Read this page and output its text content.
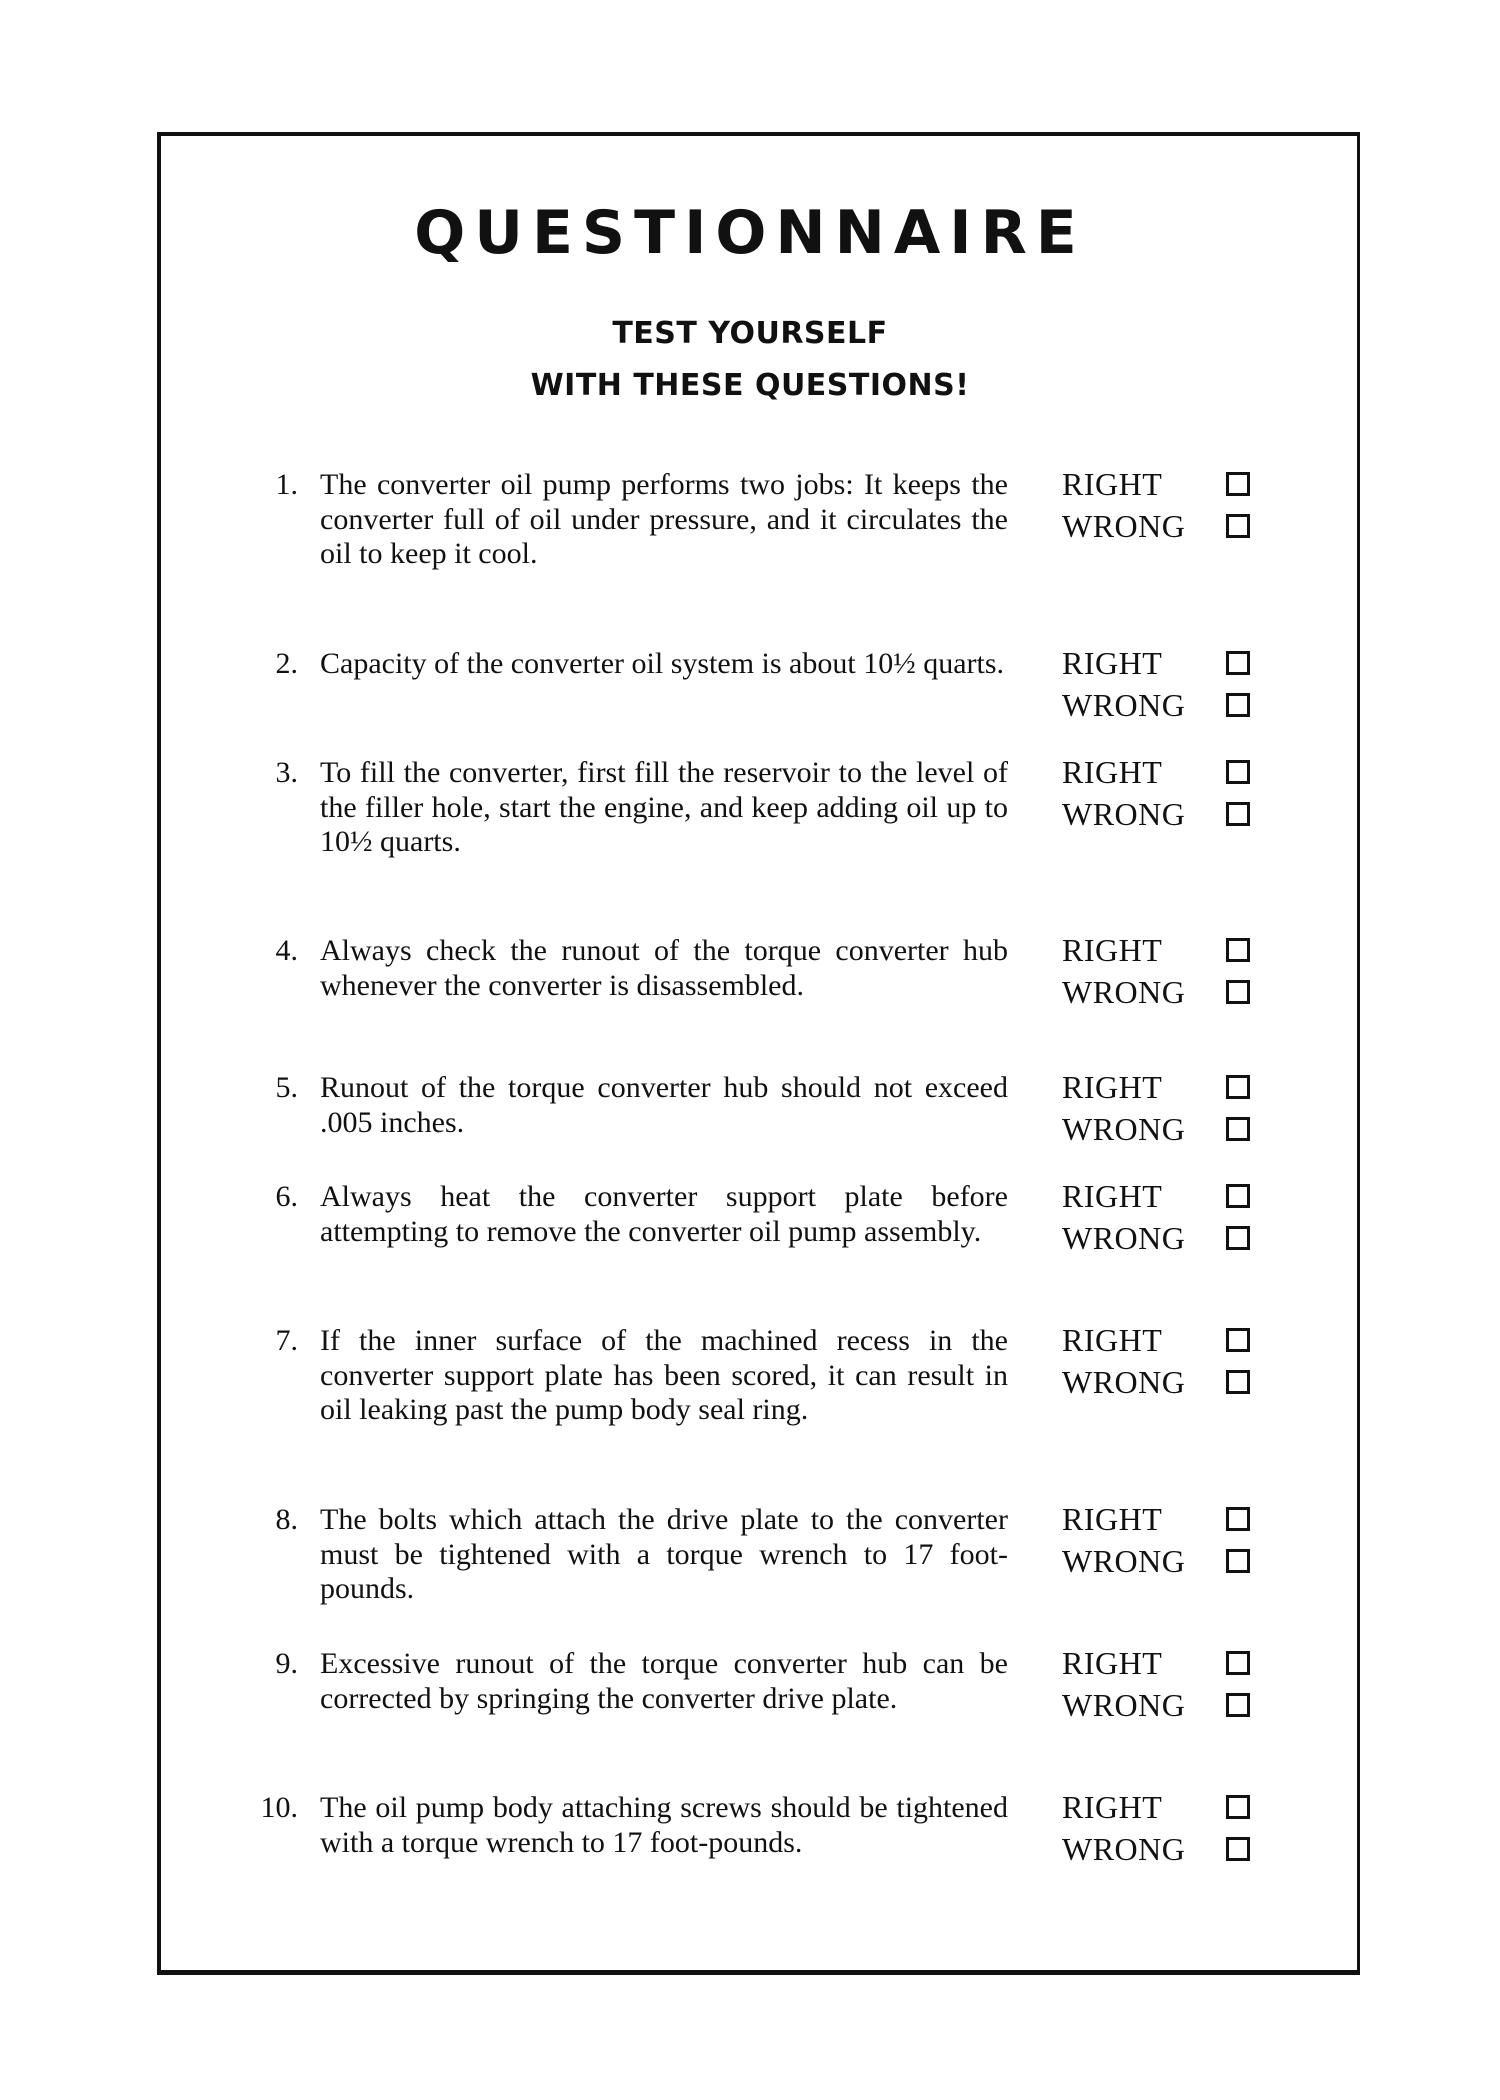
QUESTIONNAIRE
TEST YOURSELF
WITH THESE QUESTIONS!
1. The converter oil pump performs two jobs: It keeps the converter full of oil under pressure, and it circulates the oil to keep it cool.
RIGHT
WRONG
2. Capacity of the converter oil system is about 10½ quarts. RIGHT
WRONG
3. To fill the converter, first fill the reservoir to the level of the filler hole, start the engine, and keep adding oil up to 10½ quarts.
RIGHT
WRONG
4. Always check the runout of the torque converter hub whenever the converter is disassembled.
RIGHT
WRONG
5. Runout of the torque converter hub should not exceed .005 inches.
RIGHT
WRONG
6. Always heat the converter support plate before attempting to remove the converter oil pump assembly.
RIGHT
WRONG
7. If the inner surface of the machined recess in the converter support plate has been scored, it can result in oil leaking past the pump body seal ring.
RIGHT
WRONG
8. The bolts which attach the drive plate to the converter must be tightened with a torque wrench to 17 foot-pounds.
RIGHT
WRONG
9. Excessive runout of the torque converter hub can be corrected by springing the converter drive plate.
RIGHT
WRONG
10. The oil pump body attaching screws should be tightened with a torque wrench to 17 foot-pounds.
RIGHT
WRONG
